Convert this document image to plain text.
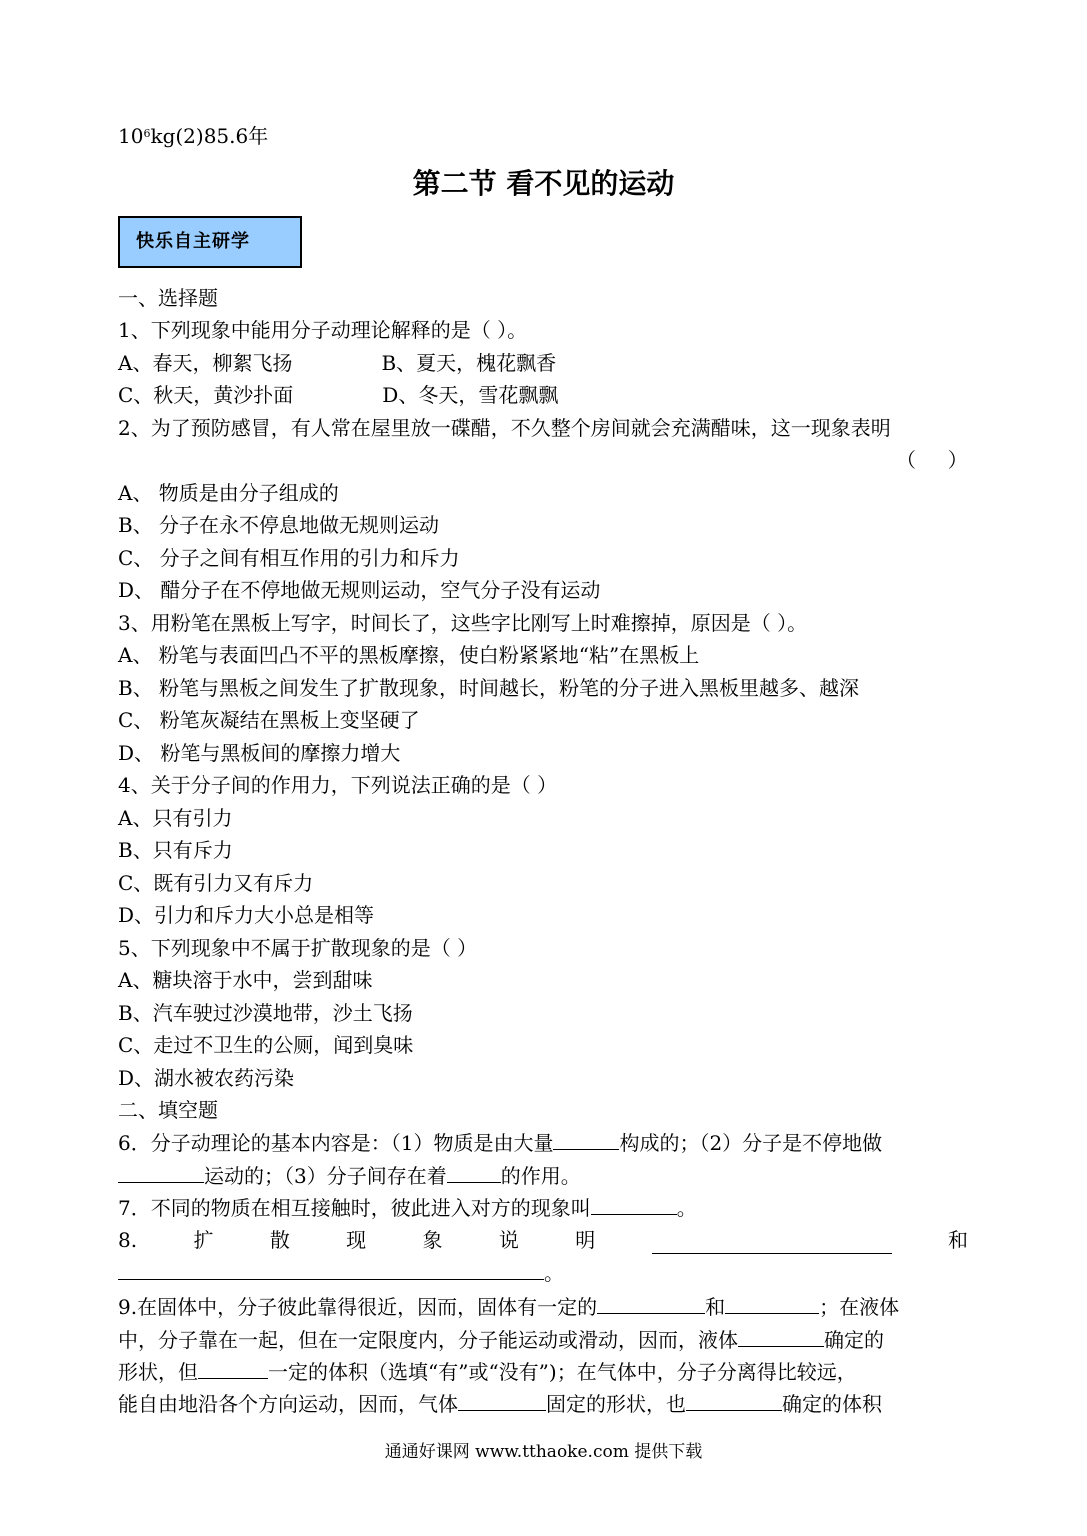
$10^6kg(2)85.6$年
第二节 看不见的运动
快乐自主研学
一、选择题
1、下列现象中能用分子动理论解释的是（ ）。
A、春天，柳絮飞扬              B、夏天，槐花飘香
C、秋天，黄沙扑面              D、冬天，雪花飘飘
2、为了预防感冒，有人常在屋里放一碟醋，不久整个房间就会充满醋味，这一现象表明
（     ）
A、 物质是由分子组成的
B、 分子在永不停息地做无规则运动
C、 分子之间有相互作用的引力和斥力
D、 醋分子在不停地做无规则运动，空气分子没有运动
3、用粉笔在黑板上写字，时间长了，这些字比刚写上时难擦掉，原因是（ ）。
A、 粉笔与表面凹凸不平的黑板摩擦，使白粉紧紧地“粘”在黑板上
B、 粉笔与黑板之间发生了扩散现象，时间越长，粉笔的分子进入黑板里越多、越深
C、 粉笔灰凝结在黑板上变坚硬了
D、 粉笔与黑板间的摩擦力增大
4、关于分子间的作用力，下列说法正确的是（ ）
A、只有引力
B、只有斥力
C、既有引力又有斥力
D、引力和斥力大小总是相等
5、下列现象中不属于扩散现象的是（ ）
A、糖块溶于水中，尝到甜味
B、汽车驶过沙漠地带，沙土飞扬
C、走过不卫生的公厕，闻到臭味
D、湖水被农药污染
二、填空题
6．分子动理论的基本内容是：（1）物质是由大量	构成的；（2）分子是不停地做
运动的；（3）分子间存在着	的作用。
7．不同的物质在相互接触时，彼此进入对方的现象叫	。
8.	扩	散	现	象	说	明	和
。
9.在固体中，分子彼此靠得很近，因而，固体有一定的	和	；在液体
中，分子靠在一起，但在一定限度内，分子能运动或滑动，因而，液体	确定的
形状，但	一定的体积（选填“有”或“没有”)；在气体中，分子分离得比较远，
能自由地沿各个方向运动，因而，气体	固定的形状，也	确定的体积
通通好课网 www.tthaoke.com 提供下载
